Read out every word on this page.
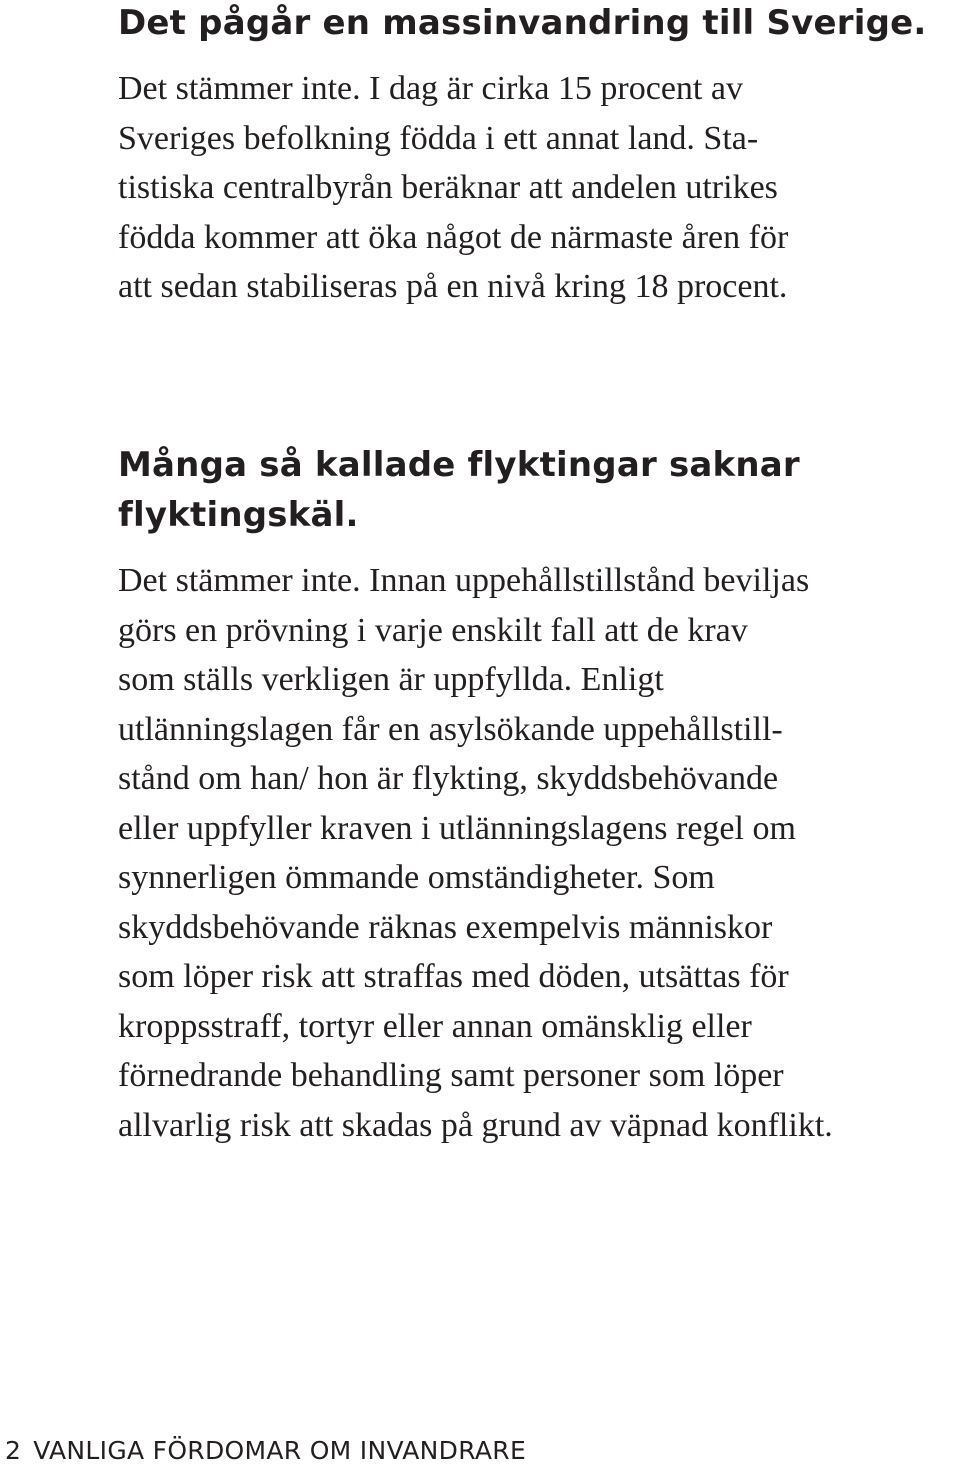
Det pågår en massinvandring till Sverige.

Det stämmer inte. I dag är cirka 15 procent av
Sveriges befolkning födda i ett annat land. Sta-
tistiska centralbyrån beräknar att andelen utrikes
födda kommer att öka något de närmaste åren för
att sedan stabiliseras på en nivå kring 18 procent.

Många så kallade flyktingar saknar flyktingskäl.

Det stämmer inte. Innan uppehållstillstånd beviljas
görs en prövning i varje enskilt fall att de krav
som ställs verkligen är uppfyllda. Enligt
utlänningslagen får en asylsökande uppehållstill-
stånd om han/ hon är flykting, skyddsbehövande
eller uppfyller kraven i utlänningslagens regel om
synnerligen ömmande omständigheter. Som
skyddsbehövande räknas exempelvis människor
som löper risk att straffas med döden, utsättas för
kroppsstraff, tortyr eller annan omänsklig eller
förnedrande behandling samt personer som löper
allvarlig risk att skadas på grund av väpnad konflikt.

2 VANLIGA FÖRDOMAR OM INVANDRARE
